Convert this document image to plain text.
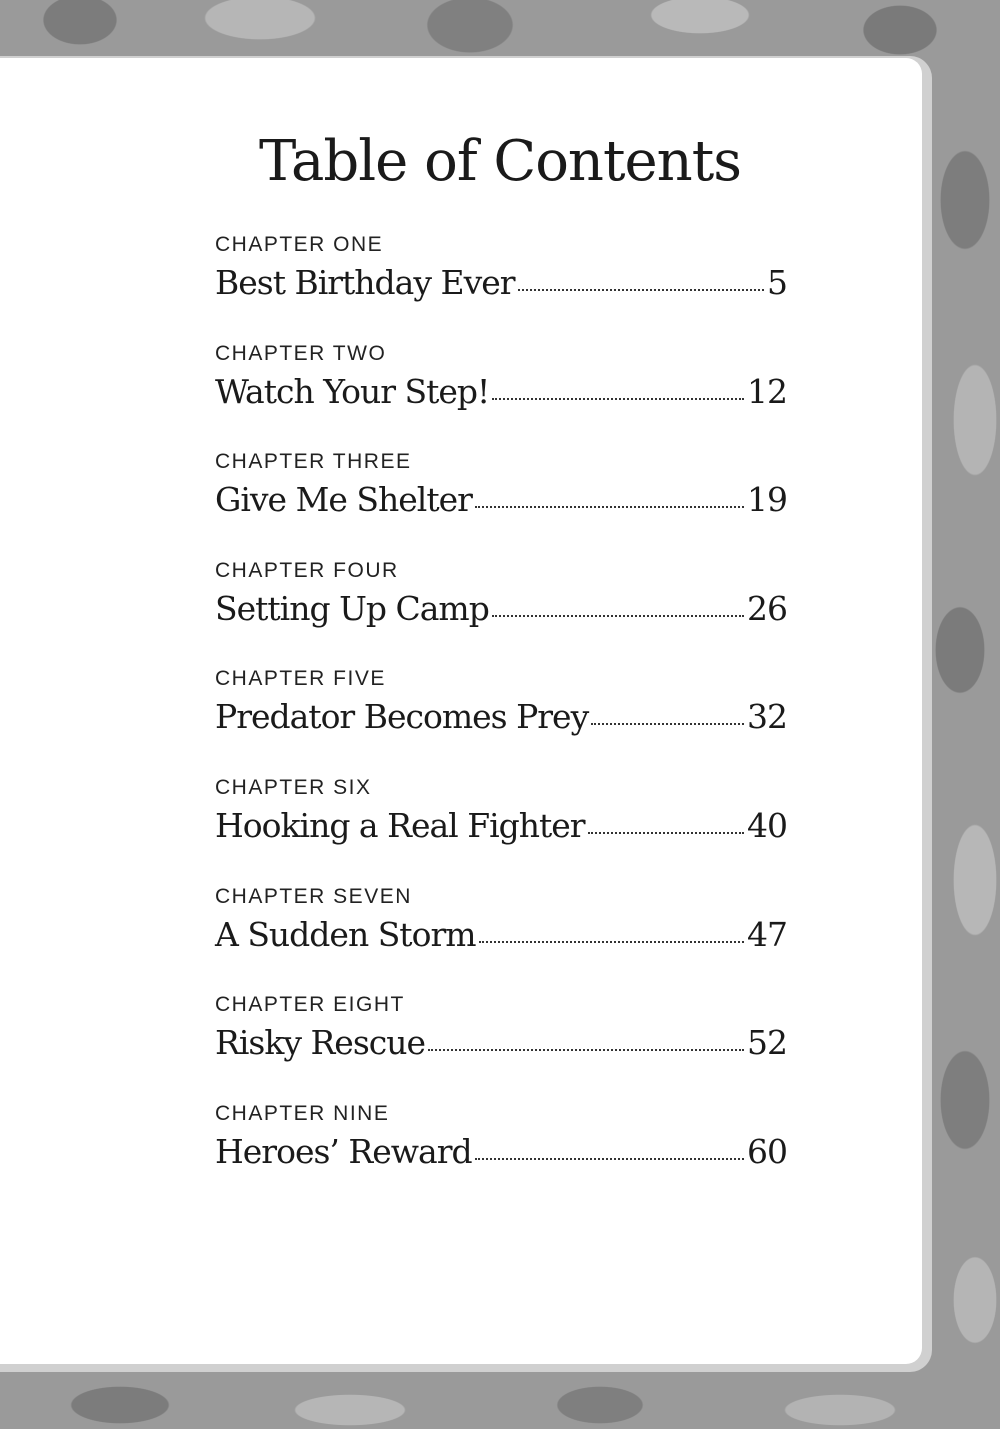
Table of Contents
CHAPTER ONE
Best Birthday Ever	5
CHAPTER TWO
Watch Your Step!	12
CHAPTER THREE
Give Me Shelter	19
CHAPTER FOUR
Setting Up Camp	26
CHAPTER FIVE
Predator Becomes Prey	32
CHAPTER SIX
Hooking a Real Fighter	40
CHAPTER SEVEN
A Sudden Storm	47
CHAPTER EIGHT
Risky Rescue	52
CHAPTER NINE
Heroes’ Reward	60
